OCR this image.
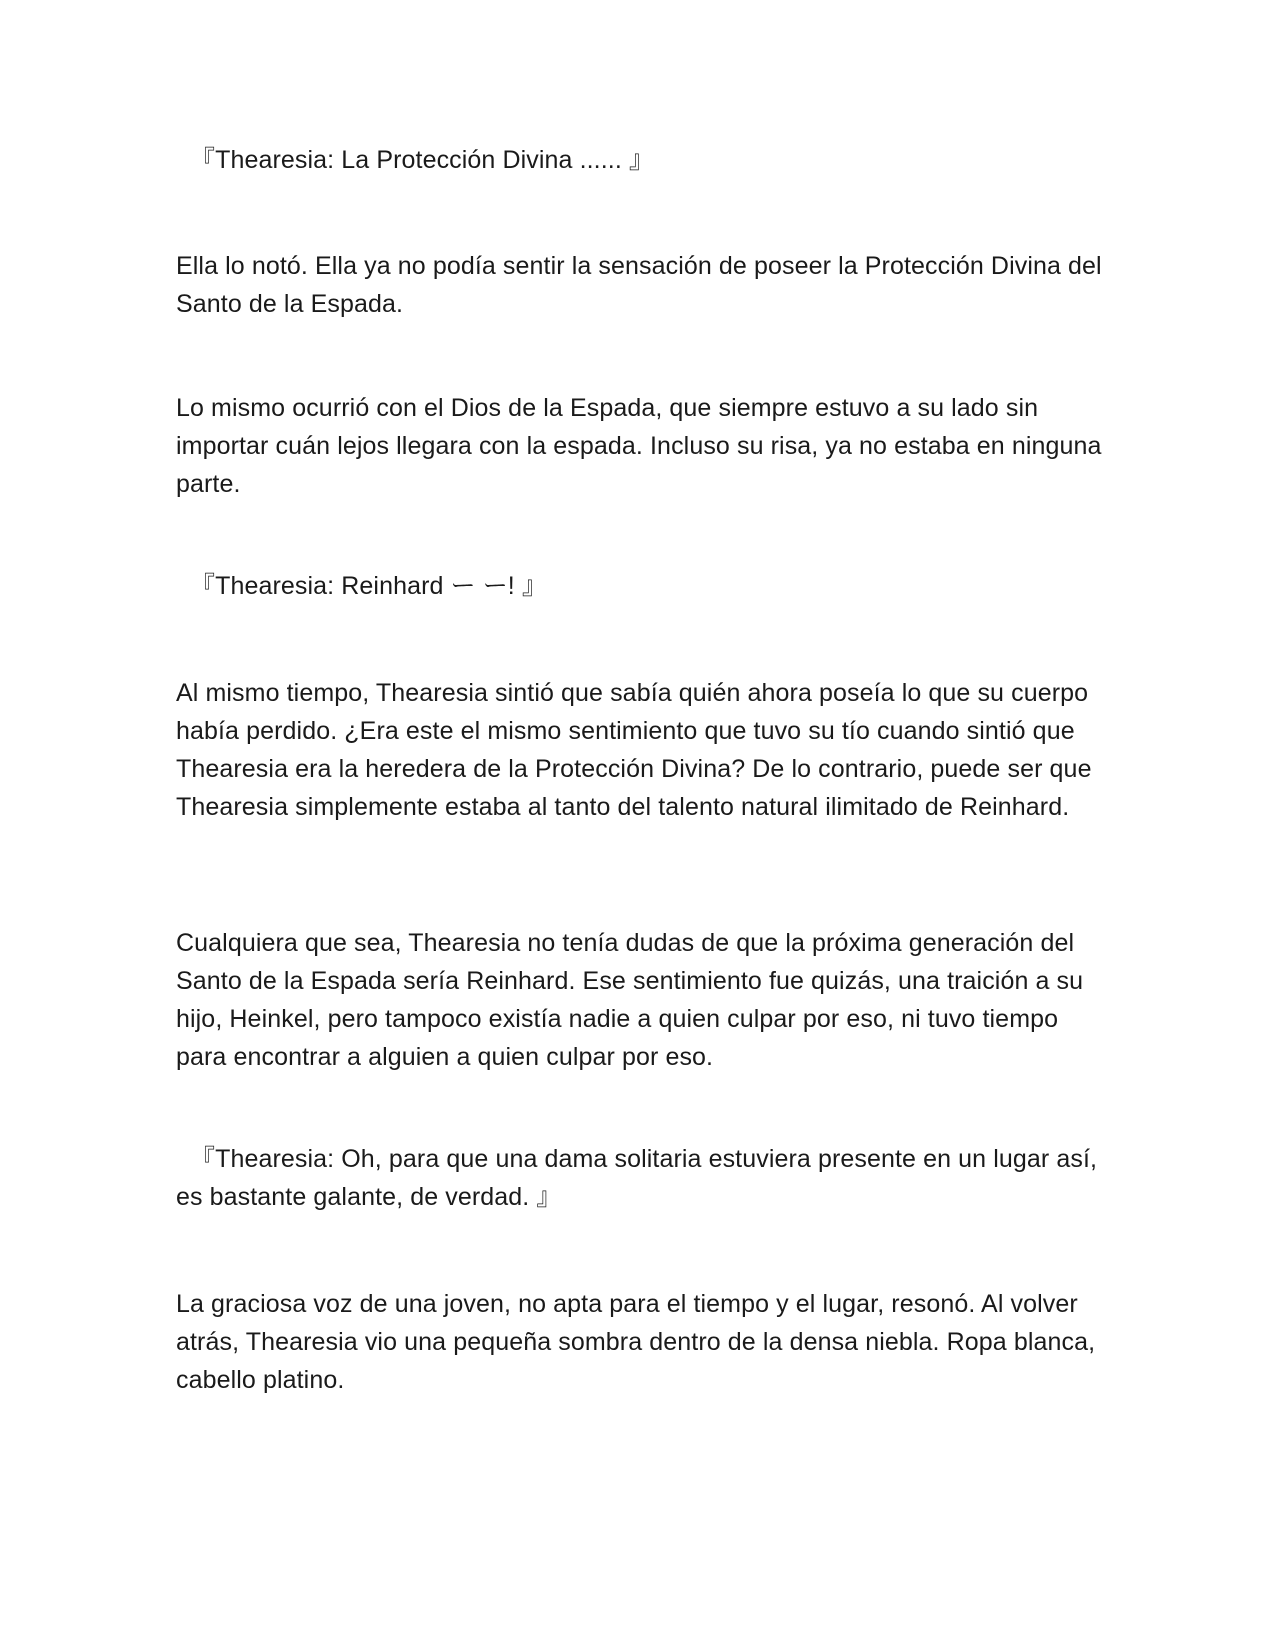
『Thearesia: La Protección Divina ...... 』

Ella lo notó. Ella ya no podía sentir la sensación de poseer la Protección Divina del Santo de la Espada.

Lo mismo ocurrió con el Dios de la Espada, que siempre estuvo a su lado sin importar cuán lejos llegara con la espada. Incluso su risa, ya no estaba en ninguna parte.

『Thearesia: Reinhard ー ー! 』

Al mismo tiempo, Thearesia sintió que sabía quién ahora poseía lo que su cuerpo había perdido. ¿Era este el mismo sentimiento que tuvo su tío cuando sintió que Thearesia era la heredera de la Protección Divina? De lo contrario, puede ser que Thearesia simplemente estaba al tanto del talento natural ilimitado de Reinhard.

Cualquiera que sea, Thearesia no tenía dudas de que la próxima generación del Santo de la Espada sería Reinhard. Ese sentimiento fue quizás, una traición a su hijo, Heinkel, pero tampoco existía nadie a quien culpar por eso, ni tuvo tiempo para encontrar a alguien a quien culpar por eso.

『Thearesia: Oh, para que una dama solitaria estuviera presente en un lugar así, es bastante galante, de verdad. 』

La graciosa voz de una joven, no apta para el tiempo y el lugar, resonó. Al volver atrás, Thearesia vio una pequeña sombra dentro de la densa niebla. Ropa blanca, cabello platino.
